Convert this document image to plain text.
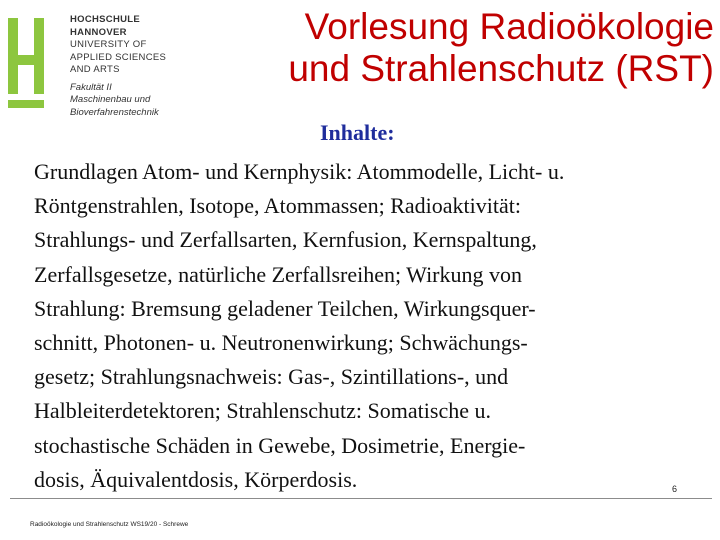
HOCHSCHULE
HANNOVER
UNIVERSITY OF
APPLIED SCIENCES
AND ARTS
Fakultät II
Maschinenbau und
Bioverfahrenstechnik
Vorlesung Radioökologie
und Strahlenschutz (RST)
Inhalte:
Grundlagen Atom- und Kernphysik: Atommodelle, Licht- u.
Röntgenstrahlen, Isotope, Atommassen; Radioaktivität:
Strahlungs- und Zerfallsarten, Kernfusion, Kernspaltung,
Zerfallsgesetze, natürliche Zerfallsreihen; Wirkung von
Strahlung: Bremsung geladener Teilchen, Wirkungsquer-
schnitt, Photonen- u. Neutronenwirkung; Schwächungs-
gesetz; Strahlungsnachweis: Gas-, Szintillations-, und
Halbleiterdetektoren; Strahlenschutz: Somatische u.
stochastische Schäden in Gewebe, Dosimetrie, Energie-
dosis, Äquivalentdosis, Körperdosis.
Radioökologie und Strahlenschutz WS19/20 - Schrewe
6
